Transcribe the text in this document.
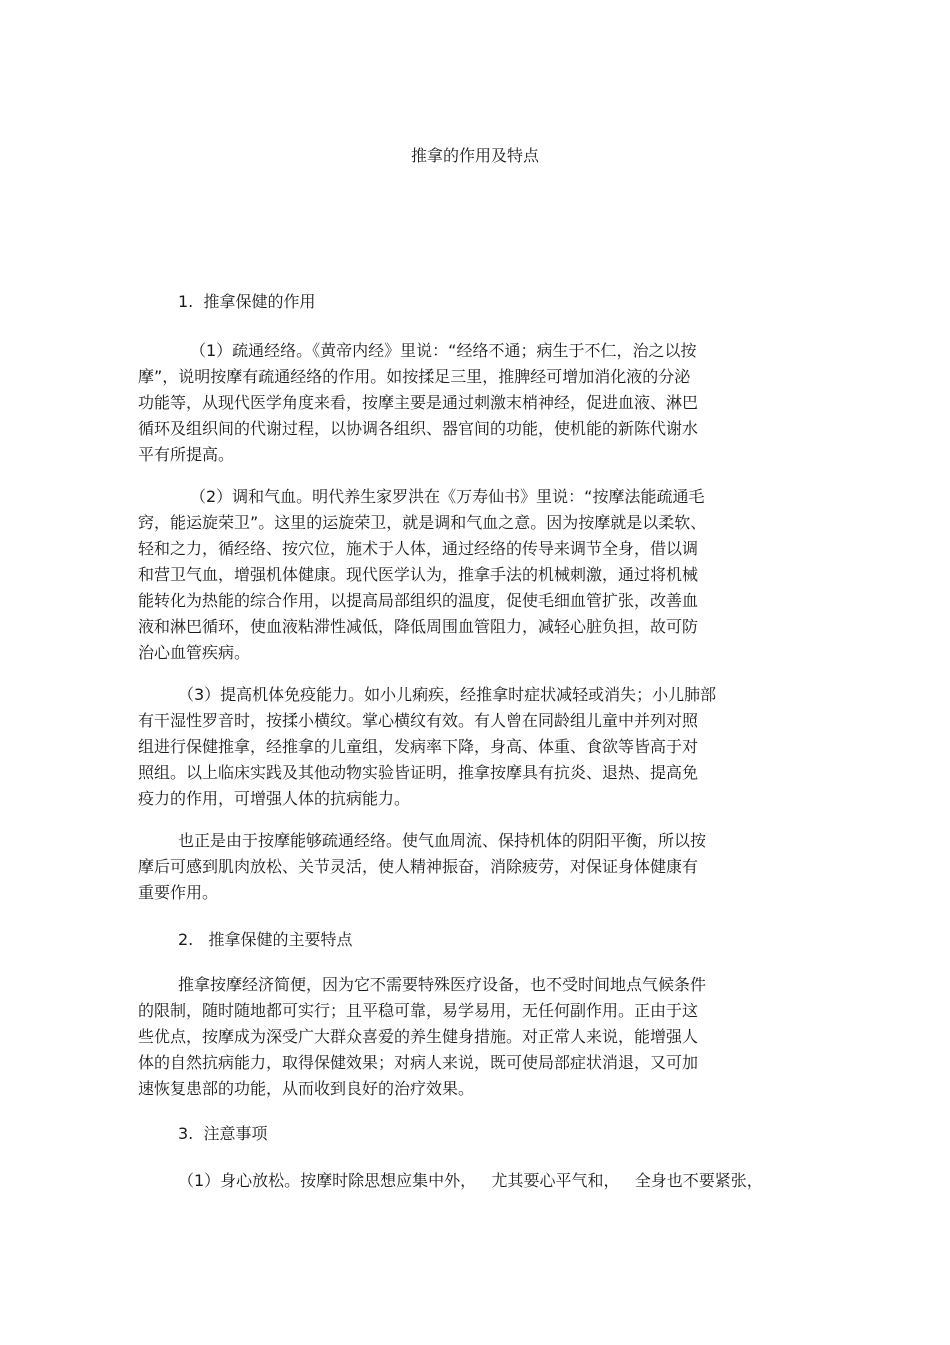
推拿的作用及特点
1.  推拿保健的作用
（1）疏通经络。《黄帝内经》里说：“经络不通；病生于不仁，治之以按
摩”，说明按摩有疏通经络的作用。如按揉足三里，推脾经可增加消化液的分泌
功能等，从现代医学角度来看，按摩主要是通过刺激末梢神经，促进血液、淋巴
循环及组织间的代谢过程，以协调各组织、器官间的功能，使机能的新陈代谢水
平有所提高。
（2）调和气血。明代养生家罗洪在《万寿仙书》里说：“按摩法能疏通毛
窍，能运旋荣卫”。这里的运旋荣卫，就是调和气血之意。因为按摩就是以柔软、
轻和之力，循经络、按穴位，施术于人体，通过经络的传导来调节全身，借以调
和营卫气血，增强机体健康。现代医学认为，推拿手法的机械刺激，通过将机械
能转化为热能的综合作用，以提高局部组织的温度，促使毛细血管扩张，改善血
液和淋巴循环，使血液粘滞性减低，降低周围血管阻力，减轻心脏负担，故可防
治心血管疾病。
（3）提高机体免疫能力。如小儿痢疾，经推拿时症状减轻或消失；小儿肺部
有干湿性罗音时，按揉小横纹。掌心横纹有效。有人曾在同龄组儿童中并列对照
组进行保健推拿，经推拿的儿童组，发病率下降，身高、体重、食欲等皆高于对
照组。以上临床实践及其他动物实验皆证明，推拿按摩具有抗炎、退热、提高免
疫力的作用，可增强人体的抗病能力。
也正是由于按摩能够疏通经络。使气血周流、保持机体的阴阳平衡，所以按
摩后可感到肌肉放松、关节灵活，使人精神振奋，消除疲劳，对保证身体健康有
重要作用。
2.   推拿保健的主要特点
推拿按摩经济简便，因为它不需要特殊医疗设备，也不受时间地点气候条件
的限制，随时随地都可实行；且平稳可靠，易学易用，无任何副作用。正由于这
些优点，按摩成为深受广大群众喜爱的养生健身措施。对正常人来说，能增强人
体的自然抗病能力，取得保健效果；对病人来说，既可使局部症状消退，又可加
速恢复患部的功能，从而收到良好的治疗效果。
3.  注意事项
（1）身心放松。按摩时除思想应集中外，   尤其要心平气和，   全身也不要紧张，
